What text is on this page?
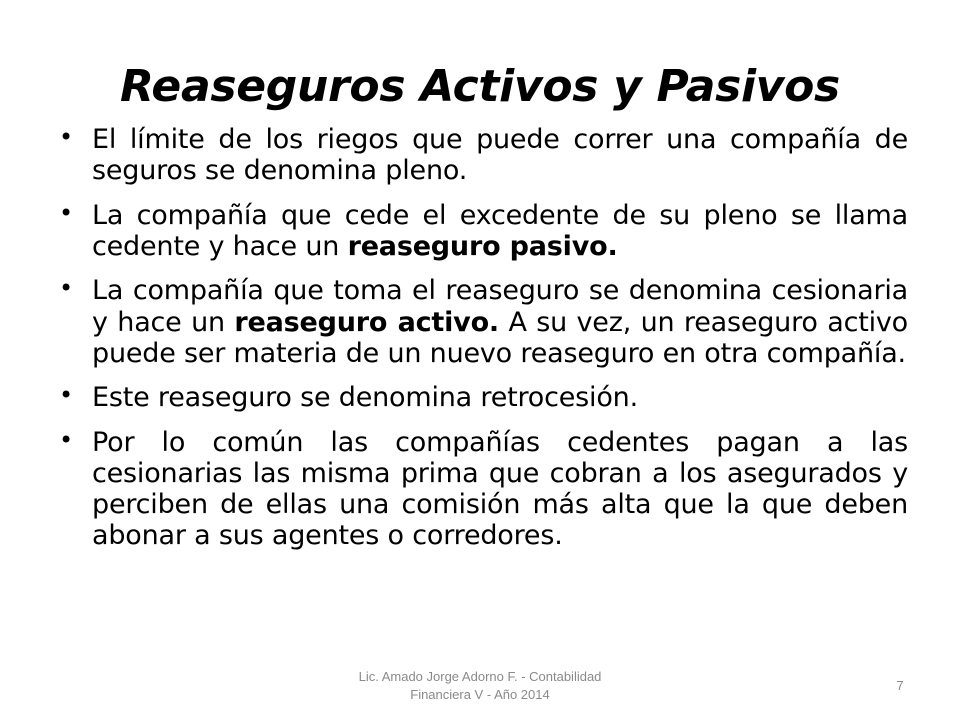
Reaseguros Activos y Pasivos
• El límite de los riegos que puede correr una compañía de seguros se denomina pleno.
• La compañía que cede el excedente de su pleno se llama cedente y hace un reaseguro pasivo.
• La compañía que toma el reaseguro se denomina cesionaria y hace un reaseguro activo. A su vez, un reaseguro activo puede ser materia de un nuevo reaseguro en otra compañía.
• Este reaseguro se denomina retrocesión.
• Por lo común las compañías cedentes pagan a las cesionarias las misma prima que cobran a los asegurados y perciben de ellas una comisión más alta que la que deben abonar a sus agentes o corredores.
Lic. Amado Jorge Adorno F. - Contabilidad
Financiera V - Año 2014
7
